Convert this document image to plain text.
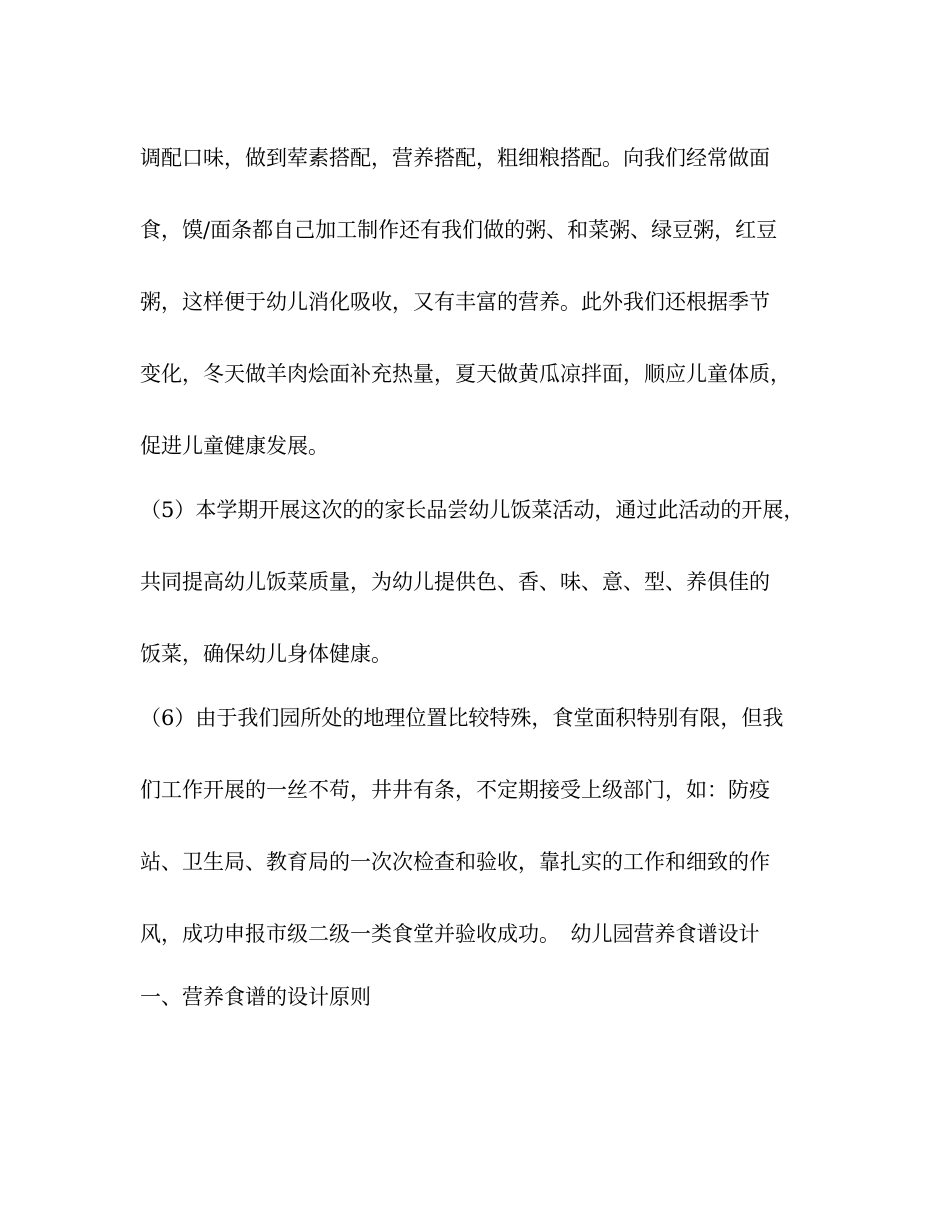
调配口味，做到荤素搭配，营养搭配，粗细粮搭配。向我们经常做面
食，馍/面条都自己加工制作还有我们做的粥、和菜粥、绿豆粥，红豆
粥，这样便于幼儿消化吸收，又有丰富的营养。此外我们还根据季节
变化，冬天做羊肉烩面补充热量，夏天做黄瓜凉拌面，顺应儿童体质，
促进儿童健康发展。
（5）本学期开展这次的的家长品尝幼儿饭菜活动，通过此活动的开展，
共同提高幼儿饭菜质量，为幼儿提供色、香、味、意、型、养俱佳的
饭菜，确保幼儿身体健康。
（6）由于我们园所处的地理位置比较特殊，食堂面积特别有限，但我
们工作开展的一丝不苟，井井有条，不定期接受上级部门，如：防疫
站、卫生局、教育局的一次次检查和验收，靠扎实的工作和细致的作
风，成功申报市级二级一类食堂并验收成功。　幼儿园营养食谱设计
一、营养食谱的设计原则
